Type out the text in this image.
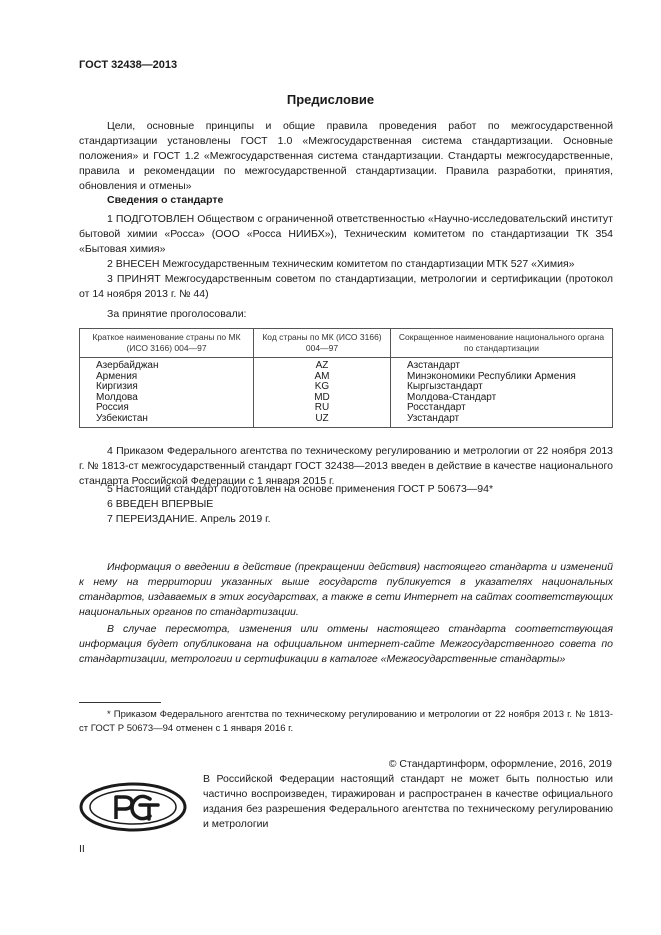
ГОСТ 32438—2013
Предисловие

Цели, основные принципы и общие правила проведения работ по межгосударственной стандартизации установлены ГОСТ 1.0 «Межгосударственная система стандартизации. Основные положения» и ГОСТ 1.2 «Межгосударственная система стандартизации. Стандарты межгосударственные, правила и рекомендации по межгосударственной стандартизации. Правила разработки, принятия, обновления и отмены»

Сведения о стандарте

1 ПОДГОТОВЛЕН Обществом с ограниченной ответственностью «Научно-исследовательский институт бытовой химии «Росса» (ООО «Росса НИИБХ»), Техническим комитетом по стандартизации ТК 354 «Бытовая химия»

2 ВНЕСЕН Межгосударственным техническим комитетом по стандартизации МТК 527 «Химия»

3 ПРИНЯТ Межгосударственным советом по стандартизации, метрологии и сертификации (протокол от 14 ноября 2013 г. № 44)

За принятие проголосовали:

Краткое наименование страны по МК (ИСО 3166) 004—97	Код страны по МК (ИСО 3166) 004—97	Сокращенное наименование национального органа по стандартизации
Азербайджан	AZ	Азстандарт
Армения	AM	Минэкономики Республики Армения
Киргизия	KG	Кыргызстандарт
Молдова	MD	Молдова-Стандарт
Россия	RU	Росстандарт
Узбекистан	UZ	Узстандарт

4 Приказом Федерального агентства по техническому регулированию и метрологии от 22 ноября 2013 г. № 1813-ст межгосударственный стандарт ГОСТ 32438—2013 введен в действие в качестве национального стандарта Российской Федерации с 1 января 2015 г.

5 Настоящий стандарт подготовлен на основе применения ГОСТ Р 50673—94*

6 ВВЕДЕН ВПЕРВЫЕ

7 ПЕРЕИЗДАНИЕ. Апрель 2019 г.

Информация о введении в действие (прекращении действия) настоящего стандарта и изменений к нему на территории указанных выше государств публикуется в указателях национальных стандартов, издаваемых в этих государствах, а также в сети Интернет на сайтах соответствующих национальных органов по стандартизации.

В случае пересмотра, изменения или отмены настоящего стандарта соответствующая информация будет опубликована на официальном интернет-сайте Межгосударственного совета по стандартизации, метрологии и сертификации в каталоге «Межгосударственные стандарты»

* Приказом Федерального агентства по техническому регулированию и метрологии от 22 ноября 2013 г. № 1813-ст ГОСТ Р 50673—94 отменен с 1 января 2016 г.

© Стандартинформ, оформление, 2016, 2019

В Российской Федерации настоящий стандарт не может быть полностью или частично воспроизведен, тиражирован и распространен в качестве официального издания без разрешения Федерального агентства по техническому регулированию и метрологии

II
